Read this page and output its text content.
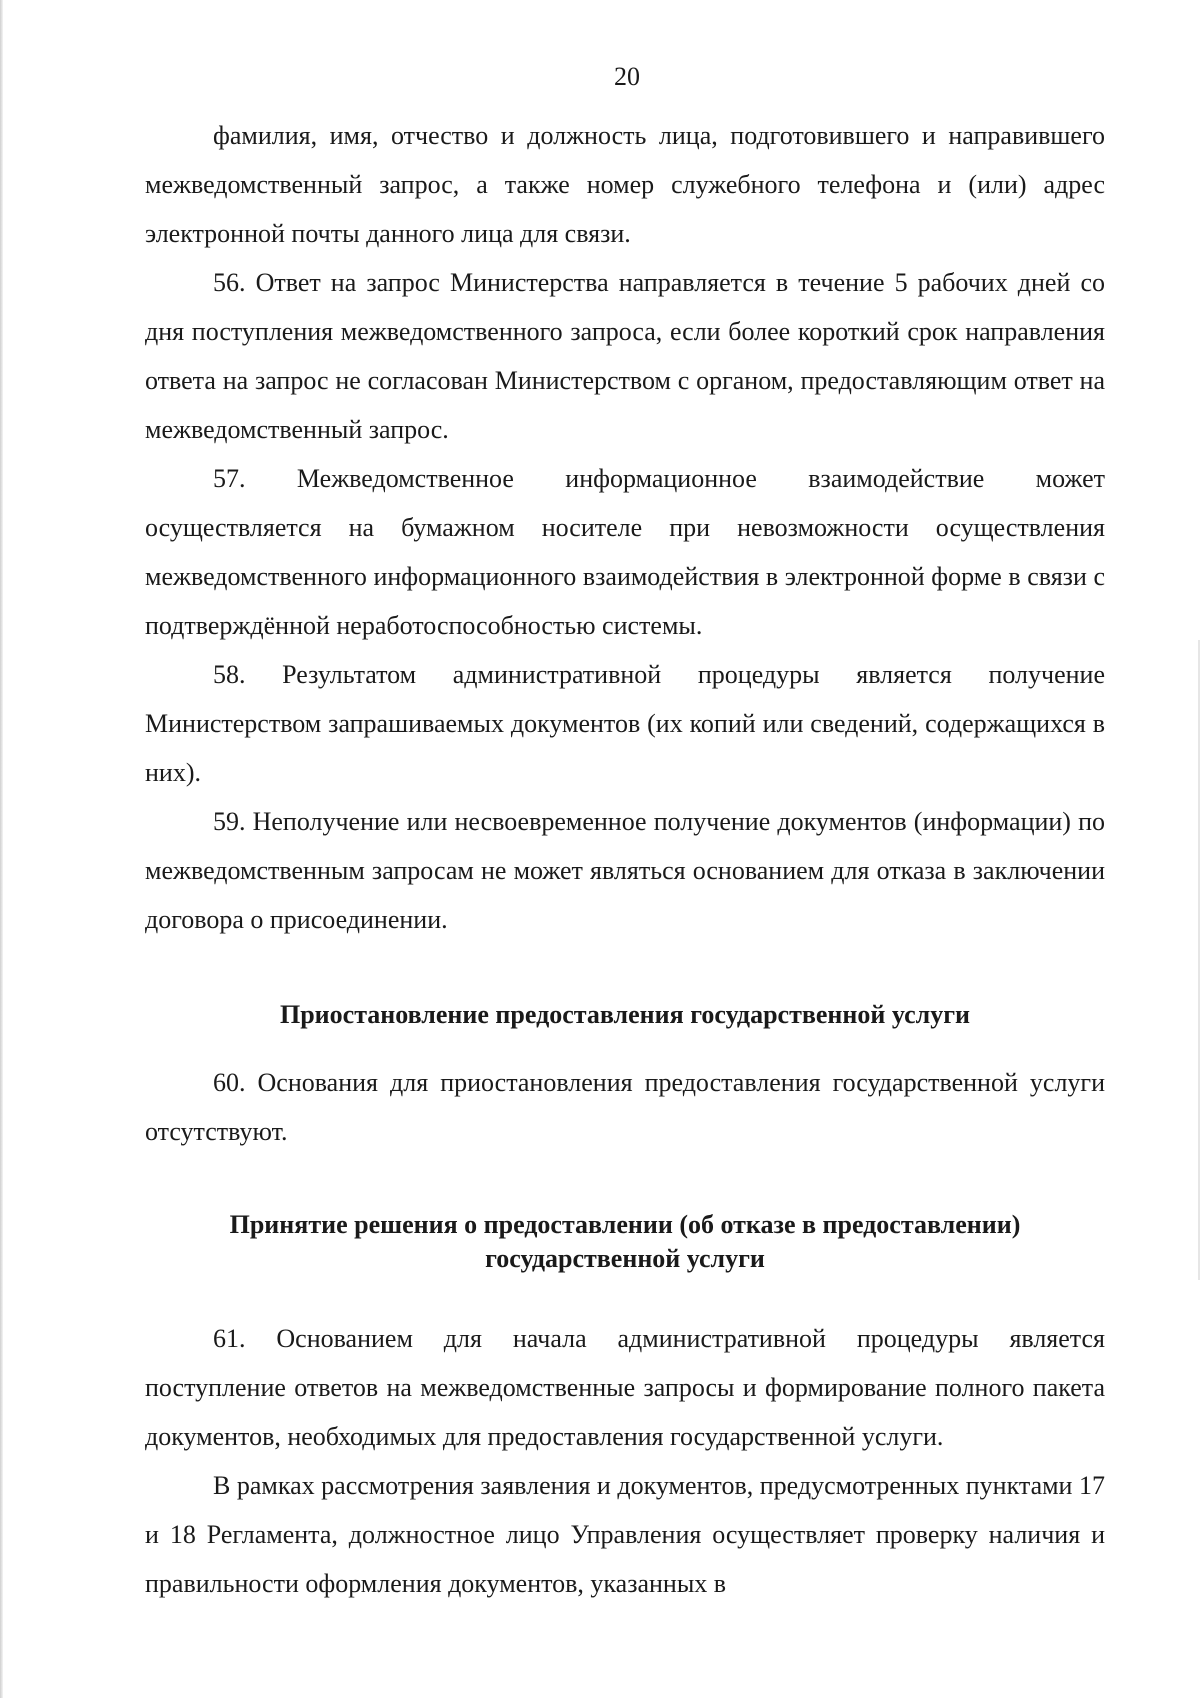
20

фамилия, имя, отчество и должность лица, подготовившего и направившего межведомственный запрос, а также номер служебного телефона и (или) адрес электронной почты данного лица для связи.

56. Ответ на запрос Министерства направляется в течение 5 рабочих дней со дня поступления межведомственного запроса, если более короткий срок направления ответа на запрос не согласован Министерством с органом, предоставляющим ответ на межведомственный запрос.

57. Межведомственное информационное взаимодействие может осуществляется на бумажном носителе при невозможности осуществления межведомственного информационного взаимодействия в электронной форме в связи с подтверждённой неработоспособностью системы.

58. Результатом административной процедуры является получение Министерством запрашиваемых документов (их копий или сведений, содержащихся в них).

59. Неполучение или несвоевременное получение документов (информации) по межведомственным запросам не может являться основанием для отказа в заключении договора о присоединении.

Приостановление предоставления государственной услуги

60. Основания для приостановления предоставления государственной услуги отсутствуют.

Принятие решения о предоставлении (об отказе в предоставлении)

государственной услуги

61. Основанием для начала административной процедуры является поступление ответов на межведомственные запросы и формирование полного пакета документов, необходимых для предоставления государственной услуги.

В рамках рассмотрения заявления и документов, предусмотренных пунктами 17 и 18 Регламента, должностное лицо Управления осуществляет проверку наличия и правильности оформления документов, указанных в
